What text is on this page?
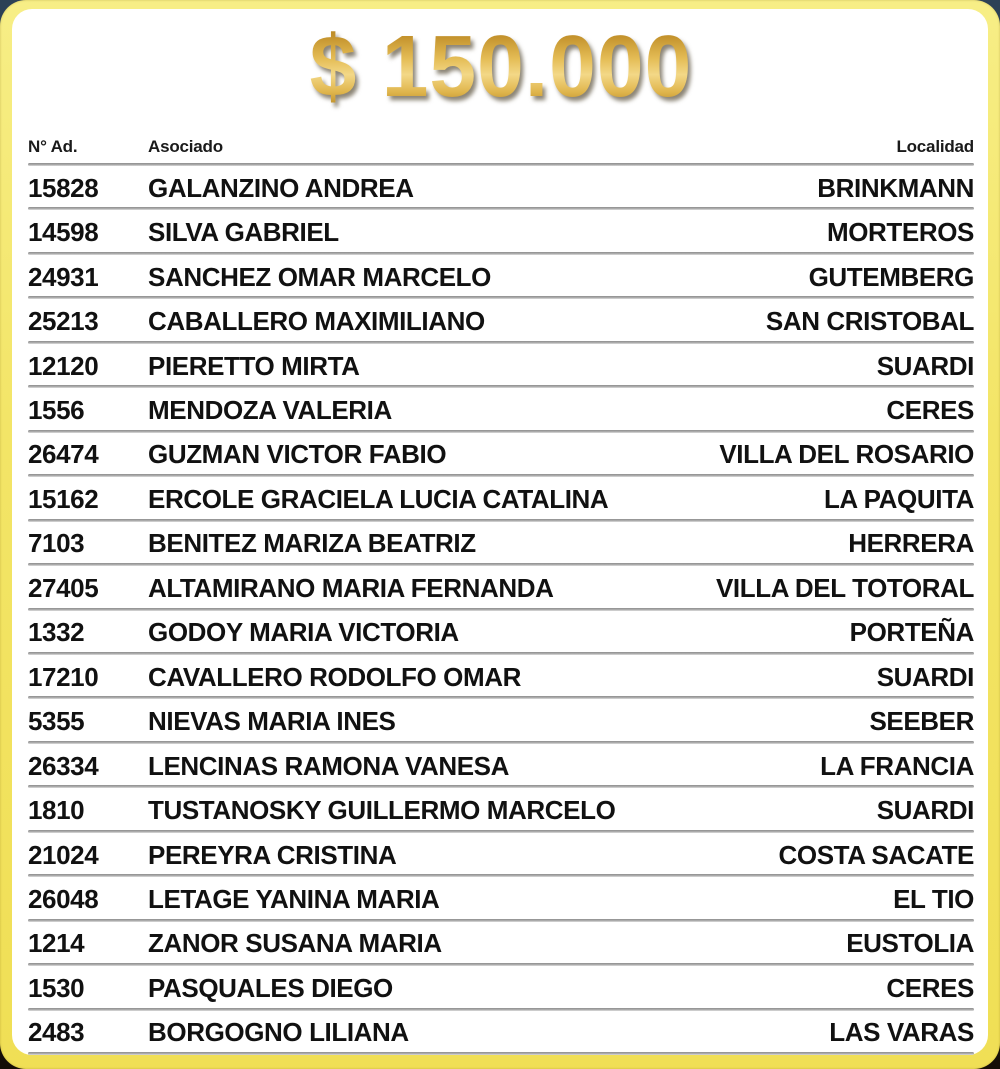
$ 150.000
N° Ad.	Asociado	Localidad
15828	GALANZINO ANDREA	BRINKMANN
14598	SILVA GABRIEL	MORTEROS
24931	SANCHEZ OMAR MARCELO	GUTEMBERG
25213	CABALLERO MAXIMILIANO	SAN CRISTOBAL
12120	PIERETTO MIRTA	SUARDI
1556	MENDOZA VALERIA	CERES
26474	GUZMAN VICTOR FABIO	VILLA DEL ROSARIO
15162	ERCOLE GRACIELA LUCIA CATALINA	LA PAQUITA
7103	BENITEZ MARIZA BEATRIZ	HERRERA
27405	ALTAMIRANO MARIA FERNANDA	VILLA DEL TOTORAL
1332	GODOY MARIA VICTORIA	PORTEÑA
17210	CAVALLERO RODOLFO OMAR	SUARDI
5355	NIEVAS MARIA INES	SEEBER
26334	LENCINAS RAMONA VANESA	LA FRANCIA
1810	TUSTANOSKY GUILLERMO MARCELO	SUARDI
21024	PEREYRA CRISTINA	COSTA SACATE
26048	LETAGE YANINA MARIA	EL TIO
1214	ZANOR SUSANA MARIA	EUSTOLIA
1530	PASQUALES DIEGO	CERES
2483	BORGOGNO LILIANA	LAS VARAS
